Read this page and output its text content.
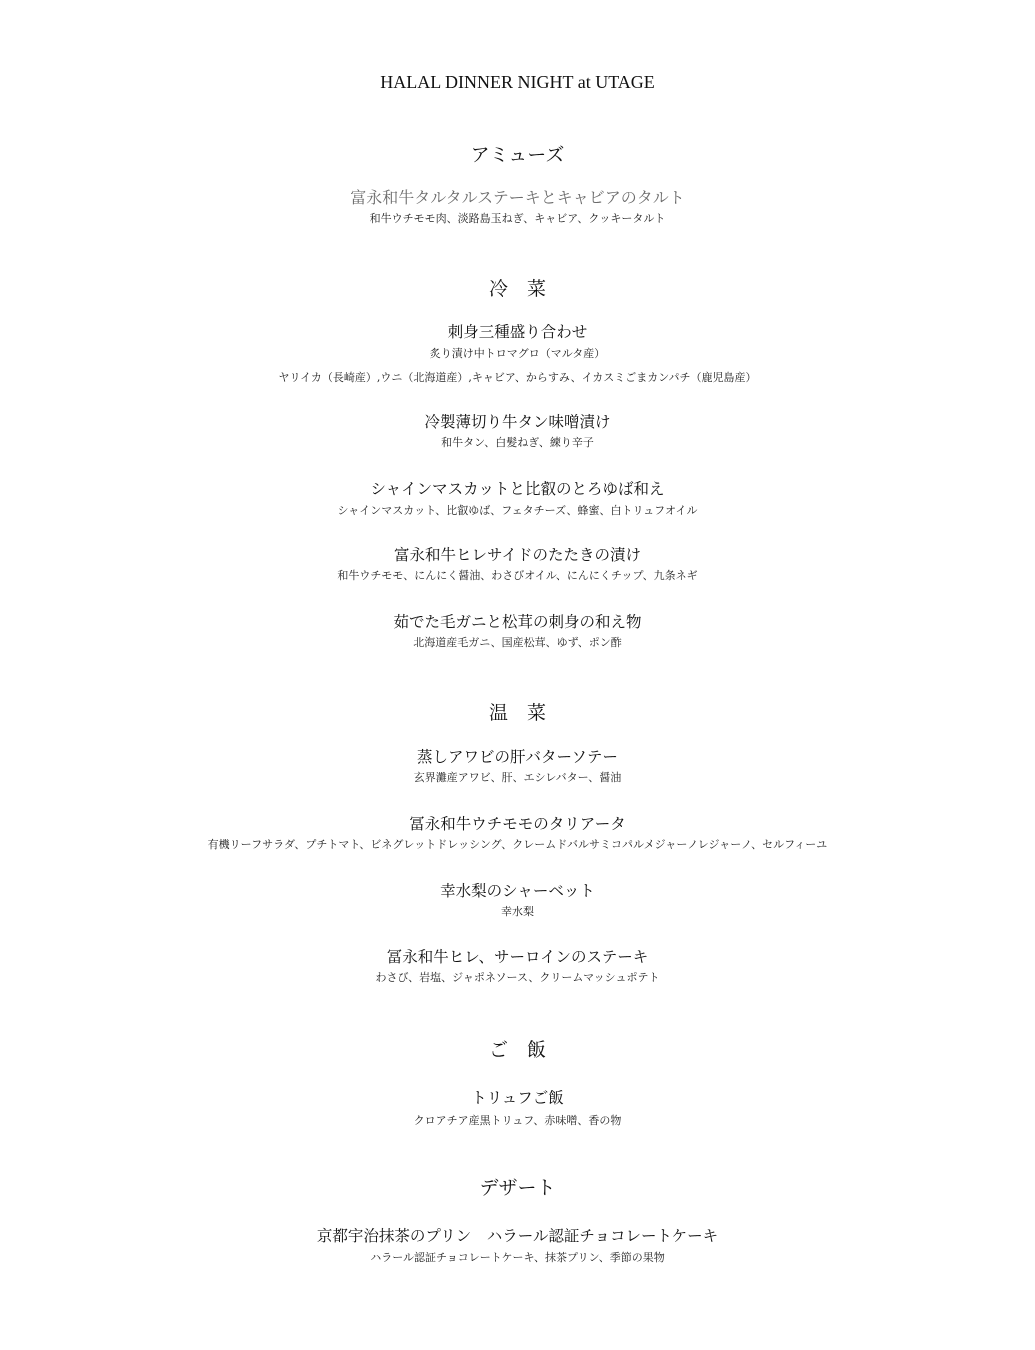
HALAL DINNER NIGHT at UTAGE
アミューズ
富永和牛タルタルステーキとキャビアのタルト
和牛ウチモモ肉、淡路島玉ねぎ、キャビア、クッキータルト
冷　菜
刺身三種盛り合わせ
炙り漬け中トロマグロ（マルタ産）
ヤリイカ（長崎産）,ウニ（北海道産）,キャビア、からすみ、イカスミごまカンパチ（鹿児島産）
冷製薄切り牛タン味噌漬け
和牛タン、白髪ねぎ、練り辛子
シャインマスカットと比叡のとろゆば和え
シャインマスカット、比叡ゆば、フェタチーズ、蜂蜜、白トリュフオイル
富永和牛ヒレサイドのたたきの漬け
和牛ウチモモ、にんにく醤油、わさびオイル、にんにくチップ、九条ネギ
茹でた毛ガニと松茸の刺身の和え物
北海道産毛ガニ、国産松茸、ゆず、ポン酢
温　菜
蒸しアワビの肝バターソテー
玄界灘産アワビ、肝、エシレバター、醤油
冨永和牛ウチモモのタリアータ
有機リーフサラダ、プチトマト、ビネグレットドレッシング、クレームドバルサミコパルメジャーノレジャーノ、セルフィーユ
幸水梨のシャーベット
幸水梨
冨永和牛ヒレ、サーロインのステーキ
わさび、岩塩、ジャポネソース、クリームマッシュポテト
ご　飯
トリュフご飯
クロアチア産黒トリュフ、赤味噌、香の物
デザート
京都宇治抹茶のプリン　ハラール認証チョコレートケーキ
ハラール認証チョコレートケーキ、抹茶プリン、季節の果物
